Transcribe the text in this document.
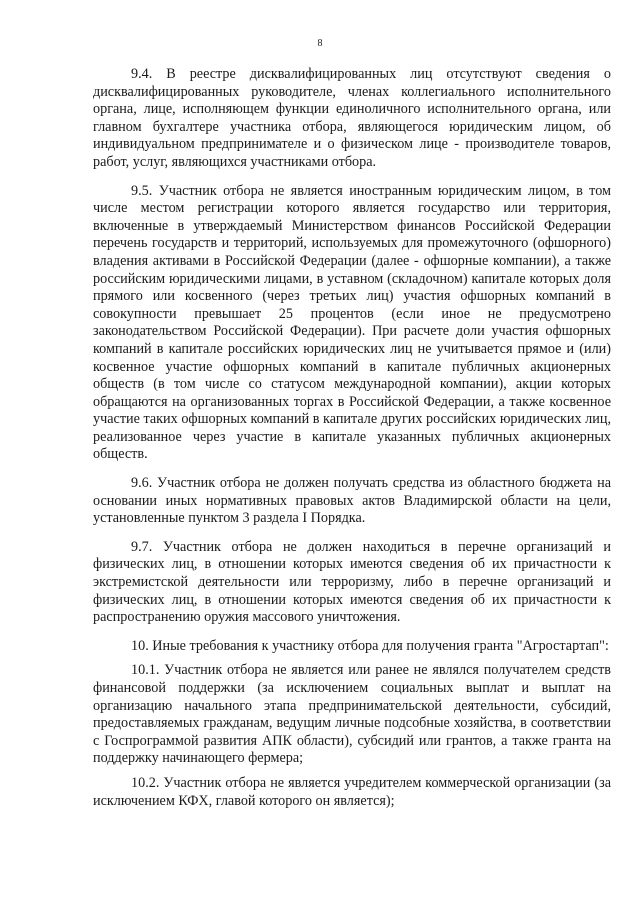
8

9.4. В реестре дисквалифицированных лиц отсутствуют сведения о дисквалифицированных руководителе, членах коллегиального исполнительного органа, лице, исполняющем функции единоличного исполнительного органа, или главном бухгалтере участника отбора, являющегося юридическим лицом, об индивидуальном предпринимателе и о физическом лице - производителе товаров, работ, услуг, являющихся участниками отбора.

9.5. Участник отбора не является иностранным юридическим лицом, в том числе местом регистрации которого является государство или территория, включенные в утверждаемый Министерством финансов Российской Федерации перечень государств и территорий, используемых для промежуточного (офшорного) владения активами в Российской Федерации (далее - офшорные компании), а также российским юридическими лицами, в уставном (складочном) капитале которых доля прямого или косвенного (через третьих лиц) участия офшорных компаний в совокупности превышает 25 процентов (если иное не предусмотрено законодательством Российской Федерации). При расчете доли участия офшорных компаний в капитале российских юридических лиц не учитывается прямое и (или) косвенное участие офшорных компаний в капитале публичных акционерных обществ (в том числе со статусом международной компании), акции которых обращаются на организованных торгах в Российской Федерации, а также косвенное участие таких офшорных компаний в капитале других российских юридических лиц, реализованное через участие в капитале указанных публичных акционерных обществ.

9.6. Участник отбора не должен получать средства из областного бюджета на основании иных нормативных правовых актов Владимирской области на цели, установленные пунктом 3 раздела I Порядка.

9.7. Участник отбора не должен находиться в перечне организаций и физических лиц, в отношении которых имеются сведения об их причастности к экстремистской деятельности или терроризму, либо в перечне организаций и физических лиц, в отношении которых имеются сведения об их причастности к распространению оружия массового уничтожения.

10. Иные требования к участнику отбора для получения гранта "Агростартап":

10.1. Участник отбора не является или ранее не являлся получателем средств финансовой поддержки (за исключением социальных выплат и выплат на организацию начального этапа предпринимательской деятельности, субсидий, предоставляемых гражданам, ведущим личные подсобные хозяйства, в соответствии с Госпрограммой развития АПК области), субсидий или грантов, а также гранта на поддержку начинающего фермера;

10.2. Участник отбора не является учредителем коммерческой организации (за исключением КФХ, главой которого он является);
